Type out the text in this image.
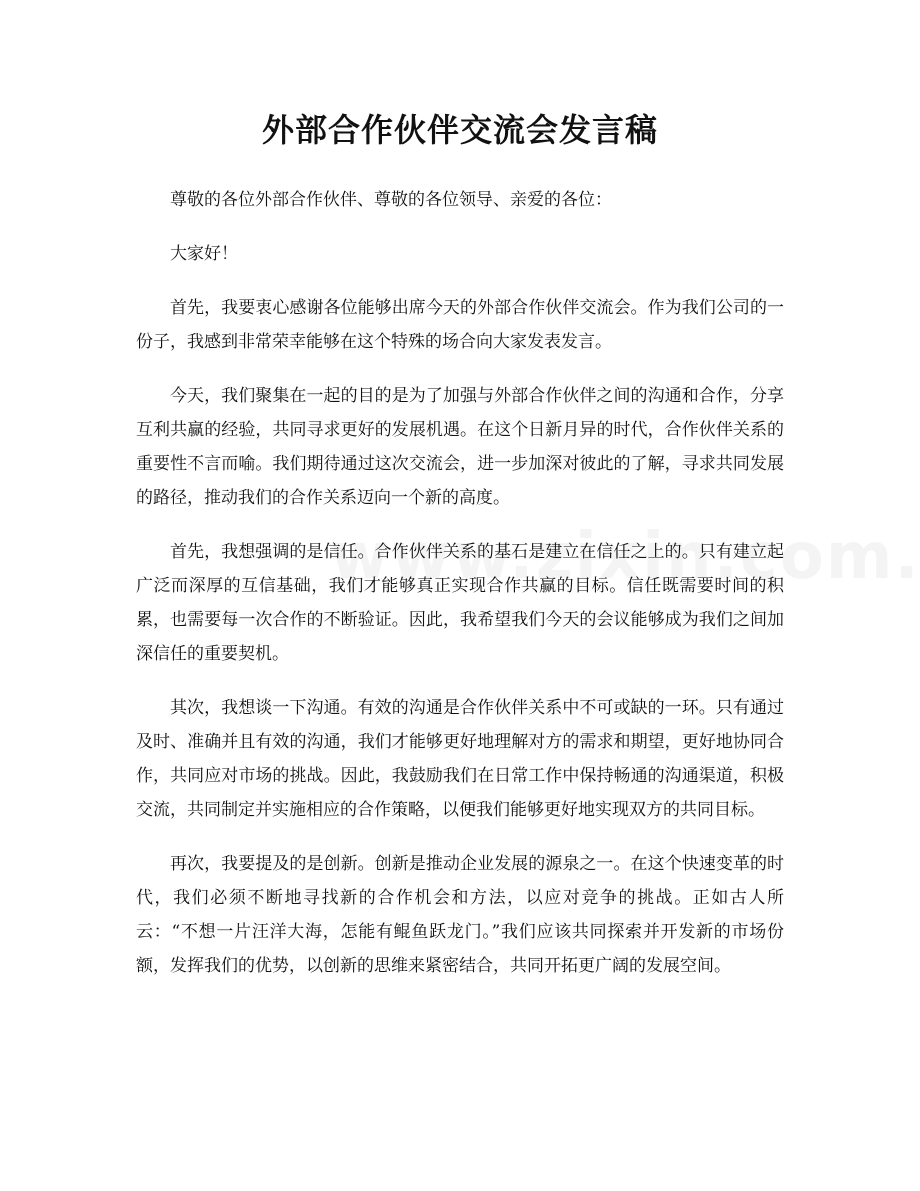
外部合作伙伴交流会发言稿

尊敬的各位外部合作伙伴、尊敬的各位领导、亲爱的各位：

大家好！

首先，我要衷心感谢各位能够出席今天的外部合作伙伴交流会。作为我们公司的一份子，我感到非常荣幸能够在这个特殊的场合向大家发表发言。

今天，我们聚集在一起的目的是为了加强与外部合作伙伴之间的沟通和合作，分享互利共赢的经验，共同寻求更好的发展机遇。在这个日新月异的时代，合作伙伴关系的重要性不言而喻。我们期待通过这次交流会，进一步加深对彼此的了解，寻求共同发展的路径，推动我们的合作关系迈向一个新的高度。

首先，我想强调的是信任。合作伙伴关系的基石是建立在信任之上的。只有建立起广泛而深厚的互信基础，我们才能够真正实现合作共赢的目标。信任既需要时间的积累，也需要每一次合作的不断验证。因此，我希望我们今天的会议能够成为我们之间加深信任的重要契机。

其次，我想谈一下沟通。有效的沟通是合作伙伴关系中不可或缺的一环。只有通过及时、准确并且有效的沟通，我们才能够更好地理解对方的需求和期望，更好地协同合作，共同应对市场的挑战。因此，我鼓励我们在日常工作中保持畅通的沟通渠道，积极交流，共同制定并实施相应的合作策略，以便我们能够更好地实现双方的共同目标。

再次，我要提及的是创新。创新是推动企业发展的源泉之一。在这个快速变革的时代，我们必须不断地寻找新的合作机会和方法，以应对竞争的挑战。正如古人所云：“不想一片汪洋大海，怎能有鲲鱼跃龙门。”我们应该共同探索并开发新的市场份额，发挥我们的优势，以创新的思维来紧密结合，共同开拓更广阔的发展空间。
